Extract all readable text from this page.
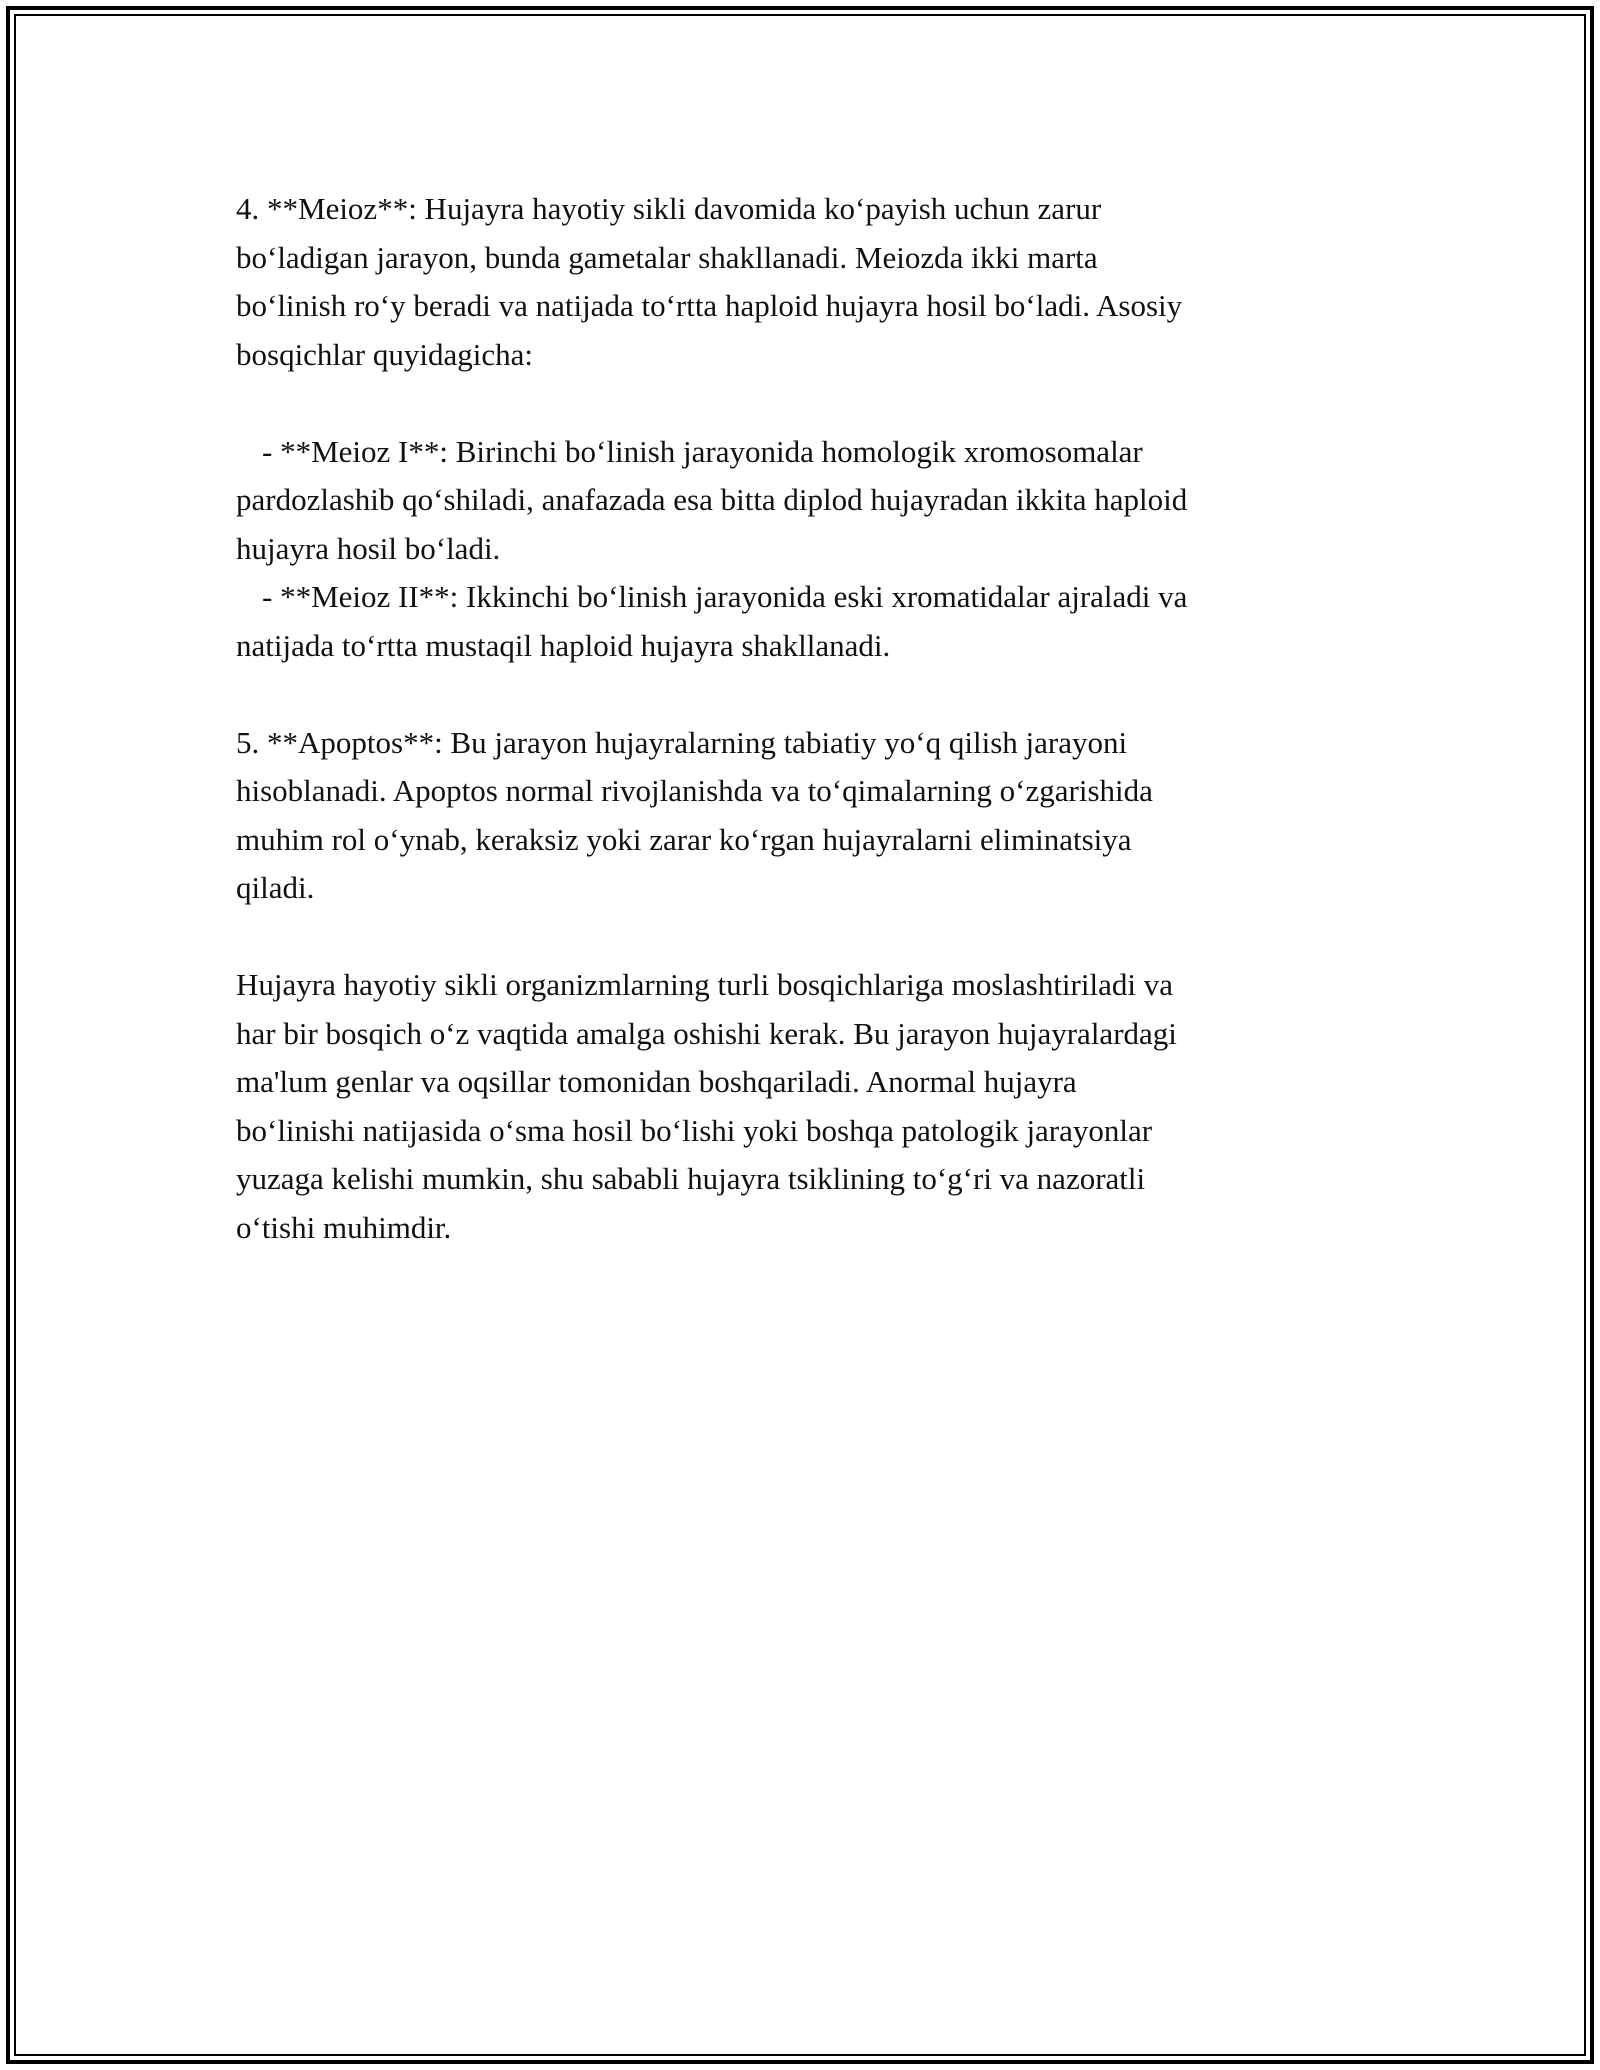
4. **Meioz**: Hujayra hayotiy sikli davomida ko‘payish uchun zarur
bo‘ladigan jarayon, bunda gametalar shakllanadi. Meiozda ikki marta
bo‘linish ro‘y beradi va natijada to‘rtta haploid hujayra hosil bo‘ladi. Asosiy
bosqichlar quyidagicha:

- **Meioz I**: Birinchi bo‘linish jarayonida homologik xromosomalar

pardozlashib qo‘shiladi, anafazada esa bitta diplod hujayradan ikkita haploid
hujayra hosil bo‘ladi.

- **Meioz II**: Ikkinchi bo‘linish jarayonida eski xromatidalar ajraladi va

natijada to‘rtta mustaqil haploid hujayra shakllanadi.

5. **Apoptos**: Bu jarayon hujayralarning tabiatiy yo‘q qilish jarayoni
hisoblanadi. Apoptos normal rivojlanishda va to‘qimalarning o‘zgarishida
muhim rol o‘ynab, keraksiz yoki zarar ko‘rgan hujayralarni eliminatsiya
qiladi.

Hujayra hayotiy sikli organizmlarning turli bosqichlariga moslashtiriladi va
har bir bosqich o‘z vaqtida amalga oshishi kerak. Bu jarayon hujayralardagi
ma'lum genlar va oqsillar tomonidan boshqariladi. Anormal hujayra
bo‘linishi natijasida o‘sma hosil bo‘lishi yoki boshqa patologik jarayonlar
yuzaga kelishi mumkin, shu sababli hujayra tsiklining to‘g‘ri va nazoratli
o‘tishi muhimdir.
